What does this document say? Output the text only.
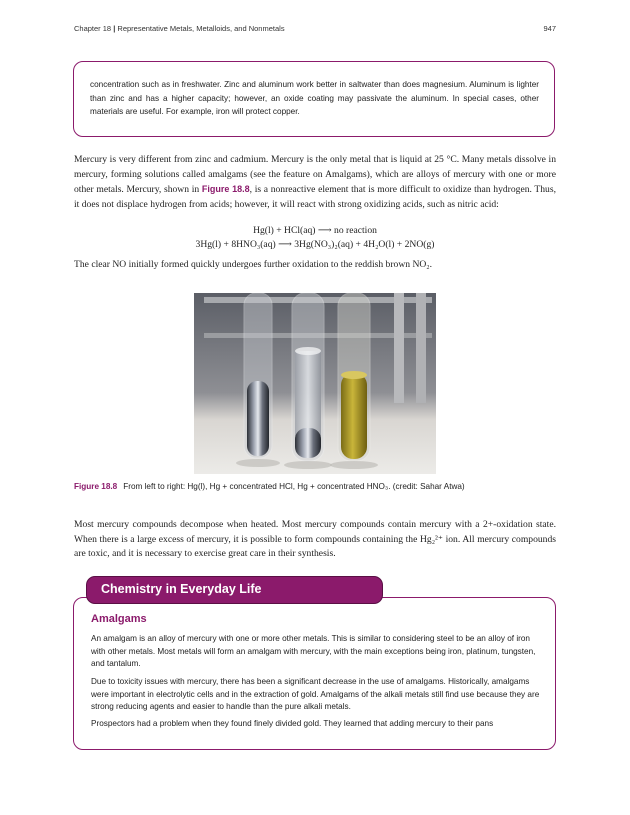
Chapter 18 | Representative Metals, Metalloids, and Nonmetals	947
concentration such as in freshwater. Zinc and aluminum work better in saltwater than does magnesium. Aluminum is lighter than zinc and has a higher capacity; however, an oxide coating may passivate the aluminum. In special cases, other materials are useful. For example, iron will protect copper.
Mercury is very different from zinc and cadmium. Mercury is the only metal that is liquid at 25 °C. Many metals dissolve in mercury, forming solutions called amalgams (see the feature on Amalgams), which are alloys of mercury with one or more other metals. Mercury, shown in Figure 18.8, is a nonreactive element that is more difficult to oxidize than hydrogen. Thus, it does not displace hydrogen from acids; however, it will react with strong oxidizing acids, such as nitric acid:
Hg(l) + HCl(aq) ⟶ no reaction
3Hg(l) + 8HNO₃(aq) ⟶ 3Hg(NO₃)₂(aq) + 4H₂O(l) + 2NO(g)
The clear NO initially formed quickly undergoes further oxidation to the reddish brown NO₂.
Figure 18.8 From left to right: Hg(l), Hg + concentrated HCl, Hg + concentrated HNO₃. (credit: Sahar Atwa)
Most mercury compounds decompose when heated. Most mercury compounds contain mercury with a 2+-oxidation state. When there is a large excess of mercury, it is possible to form compounds containing the Hg₂²⁺ ion. All mercury compounds are toxic, and it is necessary to exercise great care in their synthesis.
Chemistry in Everyday Life
Amalgams
An amalgam is an alloy of mercury with one or more other metals. This is similar to considering steel to be an alloy of iron with other metals. Most metals will form an amalgam with mercury, with the main exceptions being iron, platinum, tungsten, and tantalum.
Due to toxicity issues with mercury, there has been a significant decrease in the use of amalgams. Historically, amalgams were important in electrolytic cells and in the extraction of gold. Amalgams of the alkali metals still find use because they are strong reducing agents and easier to handle than the pure alkali metals.
Prospectors had a problem when they found finely divided gold. They learned that adding mercury to their pans
